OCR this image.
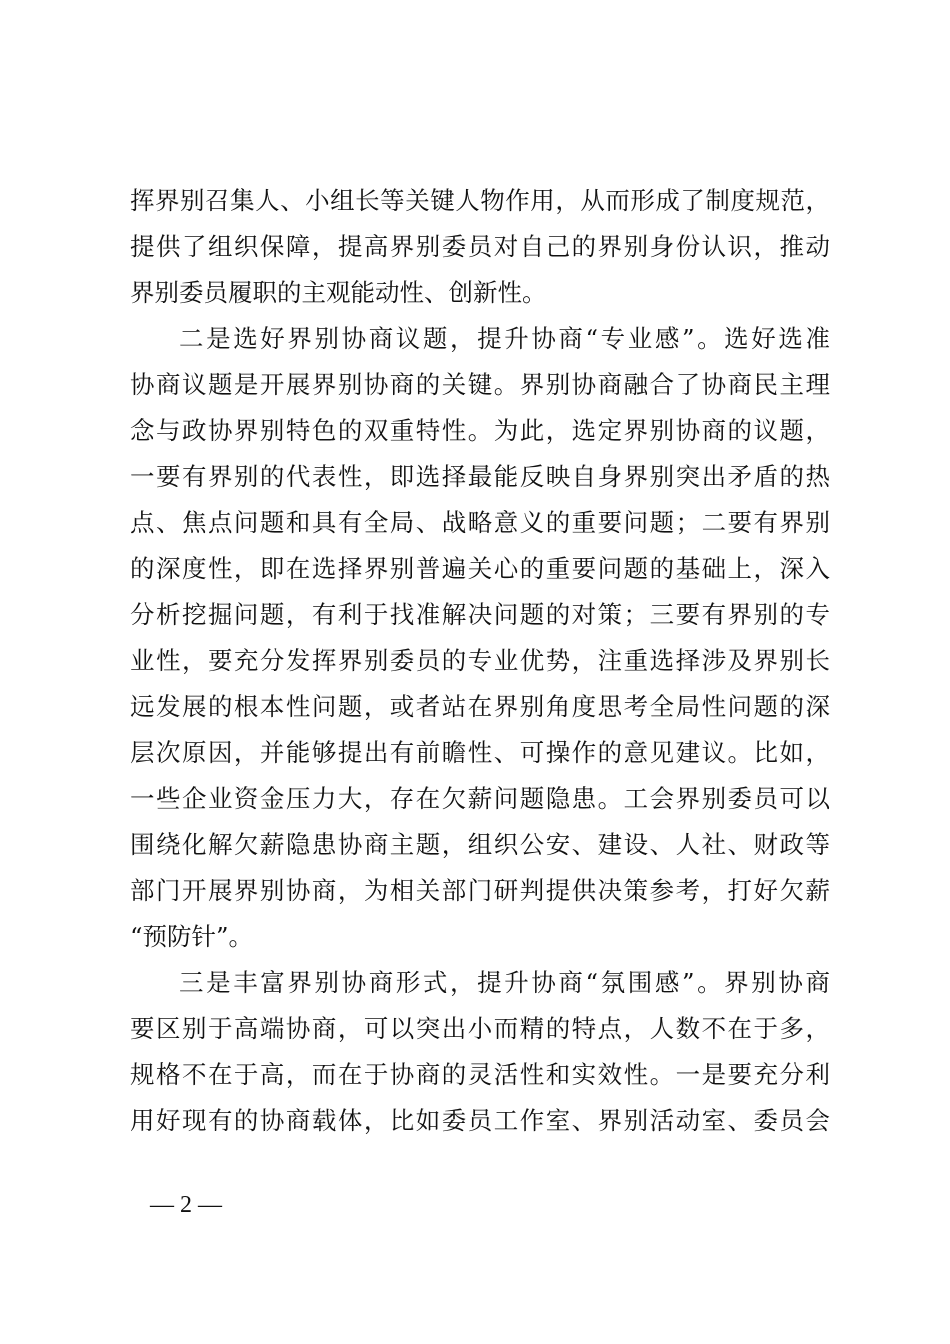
挥界别召集人、小组长等关键人物作用，从而形成了制度规范，
提供了组织保障，提高界别委员对自己的界别身份认识，推动
界别委员履职的主观能动性、创新性。
二是选好界别协商议题，提升协商“专业感”。选好选准
协商议题是开展界别协商的关键。界别协商融合了协商民主理
念与政协界别特色的双重特性。为此，选定界别协商的议题，
一要有界别的代表性，即选择最能反映自身界别突出矛盾的热
点、焦点问题和具有全局、战略意义的重要问题；二要有界别
的深度性，即在选择界别普遍关心的重要问题的基础上，深入
分析挖掘问题，有利于找准解决问题的对策；三要有界别的专
业性，要充分发挥界别委员的专业优势，注重选择涉及界别长
远发展的根本性问题，或者站在界别角度思考全局性问题的深
层次原因，并能够提出有前瞻性、可操作的意见建议。比如，
一些企业资金压力大，存在欠薪问题隐患。工会界别委员可以
围绕化解欠薪隐患协商主题，组织公安、建设、人社、财政等
部门开展界别协商，为相关部门研判提供决策参考，打好欠薪
“预防针”。
三是丰富界别协商形式，提升协商“氛围感”。界别协商
要区别于高端协商，可以突出小而精的特点，人数不在于多，
规格不在于高，而在于协商的灵活性和实效性。一是要充分利
用好现有的协商载体，比如委员工作室、界别活动室、委员会
— 2 —
